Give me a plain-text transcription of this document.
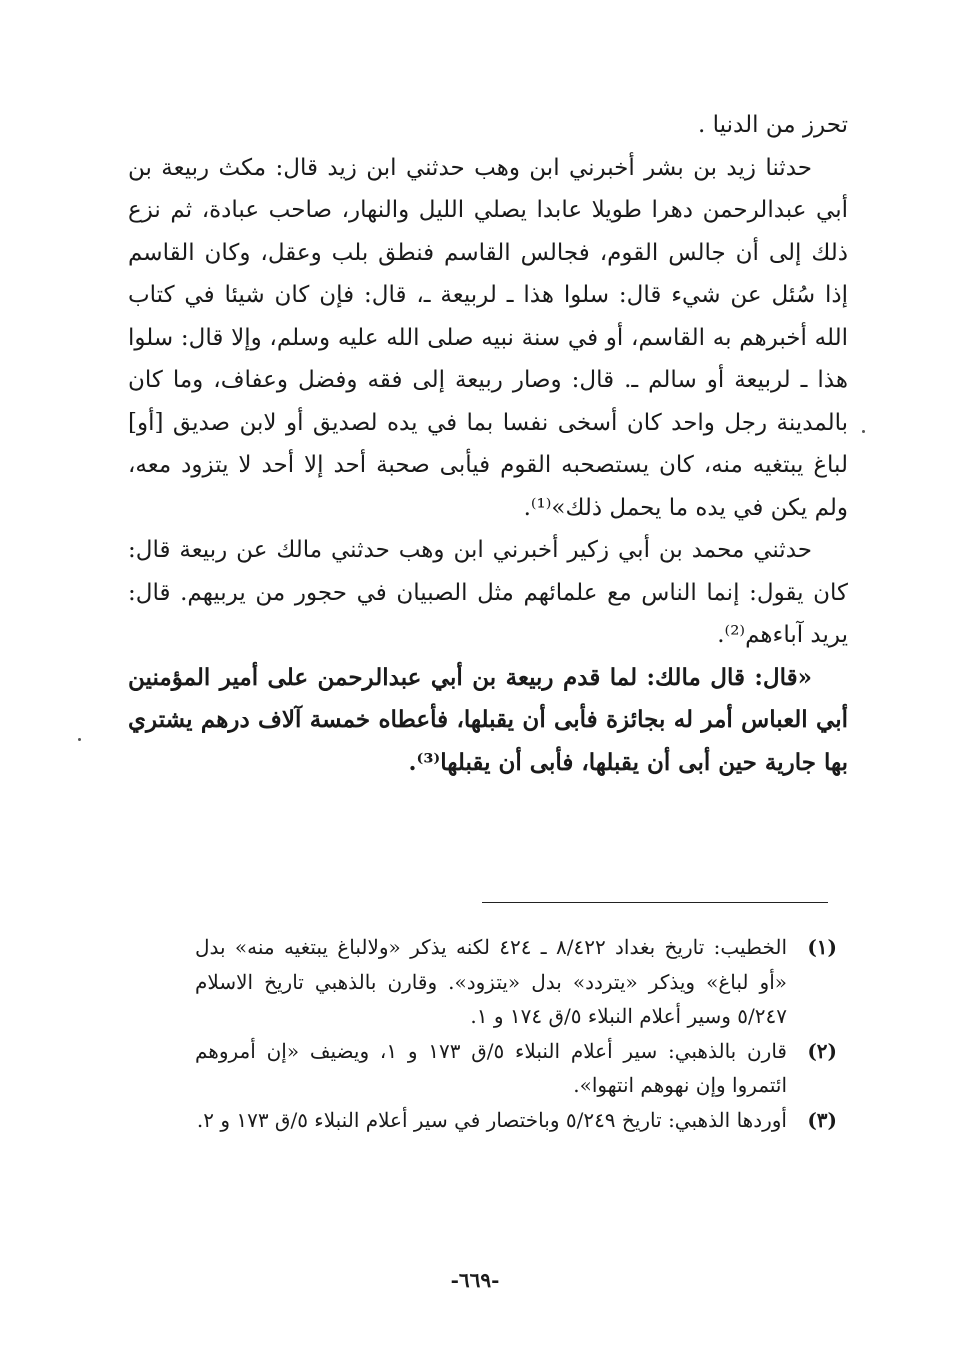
تحرز من الدنيا .

حدثنا زيد بن بشر أخبرني ابن وهب حدثني ابن زيد قال: مكث ربيعة بن أبي عبدالرحمن دهرا طويلا عابدا يصلي الليل والنهار، صاحب عبادة، ثم نزع ذلك إلى أن جالس القوم، فجالس القاسم فنطق بلب وعقل، وكان القاسم إذا سُئل عن شيء قال: سلوا هذا ـ لربيعة ـ، قال: فإن كان شيئا في كتاب الله أخبرهم به القاسم، أو في سنة نبيه صلى الله عليه وسلم، وإلا قال: سلوا هذا ـ لربيعة أو سالم ـ. قال: وصار ربيعة إلى فقه وفضل وعفاف، وما كان بالمدينة رجل واحد كان أسخى نفسا بما في يده لصديق أو لابن صديق [أو] لباغ يبتغيه منه، كان يستصحبه القوم فيأبى صحبة أحد إلا أحد لا يتزود معه، ولم يكن في يده ما يحمل ذلك»⁽¹⁾.

حدثني محمد بن أبي زكير أخبرني ابن وهب حدثني مالك عن ربيعة قال: كان يقول: إنما الناس مع علمائهم مثل الصبيان في حجور من يربيهم. قال: يريد آباءهم⁽²⁾.

«قال: قال مالك: لما قدم ربيعة بن أبي عبدالرحمن على أمير المؤمنين أبي العباس أمر له بجائزة فأبى أن يقبلها، فأعطاه خمسة آلاف درهم يشتري بها جارية حين أبى أن يقبلها، فأبى أن يقبلها⁽³⁾.

(١)
الخطيب: تاريخ بغداد ٨/٤٢٢ ـ ٤٢٤ لكنه يذكر «ولالباغ يبتغيه منه» بدل «أو لباغ» ويذكر «يتردد» بدل «يتزود». وقارن بالذهبي تاريخ الاسلام ٥/٢٤٧ وسير أعلام النبلاء ٥/ق ١٧٤ و ١.
(٢)
قارن بالذهبي: سير أعلام النبلاء ٥/ق ١٧٣ و ١، ويضيف «إن أمروهم ائتمروا وإن نهوهم انتهوا».
(٣)
أوردها الذهبي: تاريخ ٥/٢٤٩ وباختصار في سير أعلام النبلاء ٥/ق ١٧٣ و ٢.
-٦٦٩-
